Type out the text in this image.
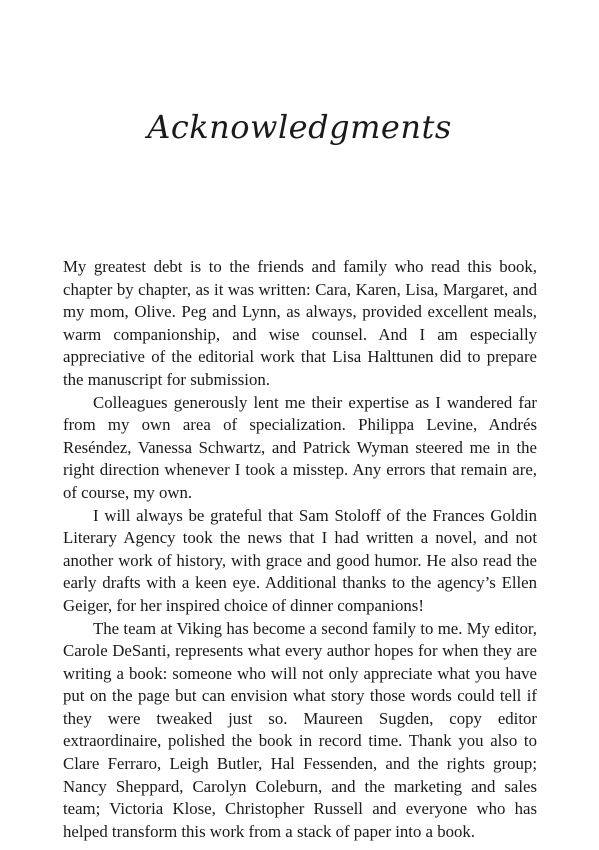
Acknowledgments

My greatest debt is to the friends and family who read this book, chapter by chapter, as it was written: Cara, Karen, Lisa, Margaret, and my mom, Olive. Peg and Lynn, as always, provided excellent meals, warm companionship, and wise counsel. And I am especially appreciative of the editorial work that Lisa Halttunen did to prepare the manuscript for submission.

Colleagues generously lent me their expertise as I wandered far from my own area of specialization. Philippa Levine, Andrés Reséndez, Vanessa Schwartz, and Patrick Wyman steered me in the right direction whenever I took a misstep. Any errors that remain are, of course, my own.

I will always be grateful that Sam Stoloff of the Frances Goldin Literary Agency took the news that I had written a novel, and not another work of history, with grace and good humor. He also read the early drafts with a keen eye. Additional thanks to the agency’s Ellen Geiger, for her inspired choice of dinner companions!

The team at Viking has become a second family to me. My editor, Carole DeSanti, represents what every author hopes for when they are writing a book: someone who will not only appreciate what you have put on the page but can envision what story those words could tell if they were tweaked just so. Maureen Sugden, copy editor extraordinaire, polished the book in record time. Thank you also to Clare Ferraro, Leigh Butler, Hal Fessenden, and the rights group; Nancy Sheppard, Carolyn Coleburn, and the marketing and sales team; Victoria Klose, Christopher Russell and everyone who has helped transform this work from a stack of paper into a book.
